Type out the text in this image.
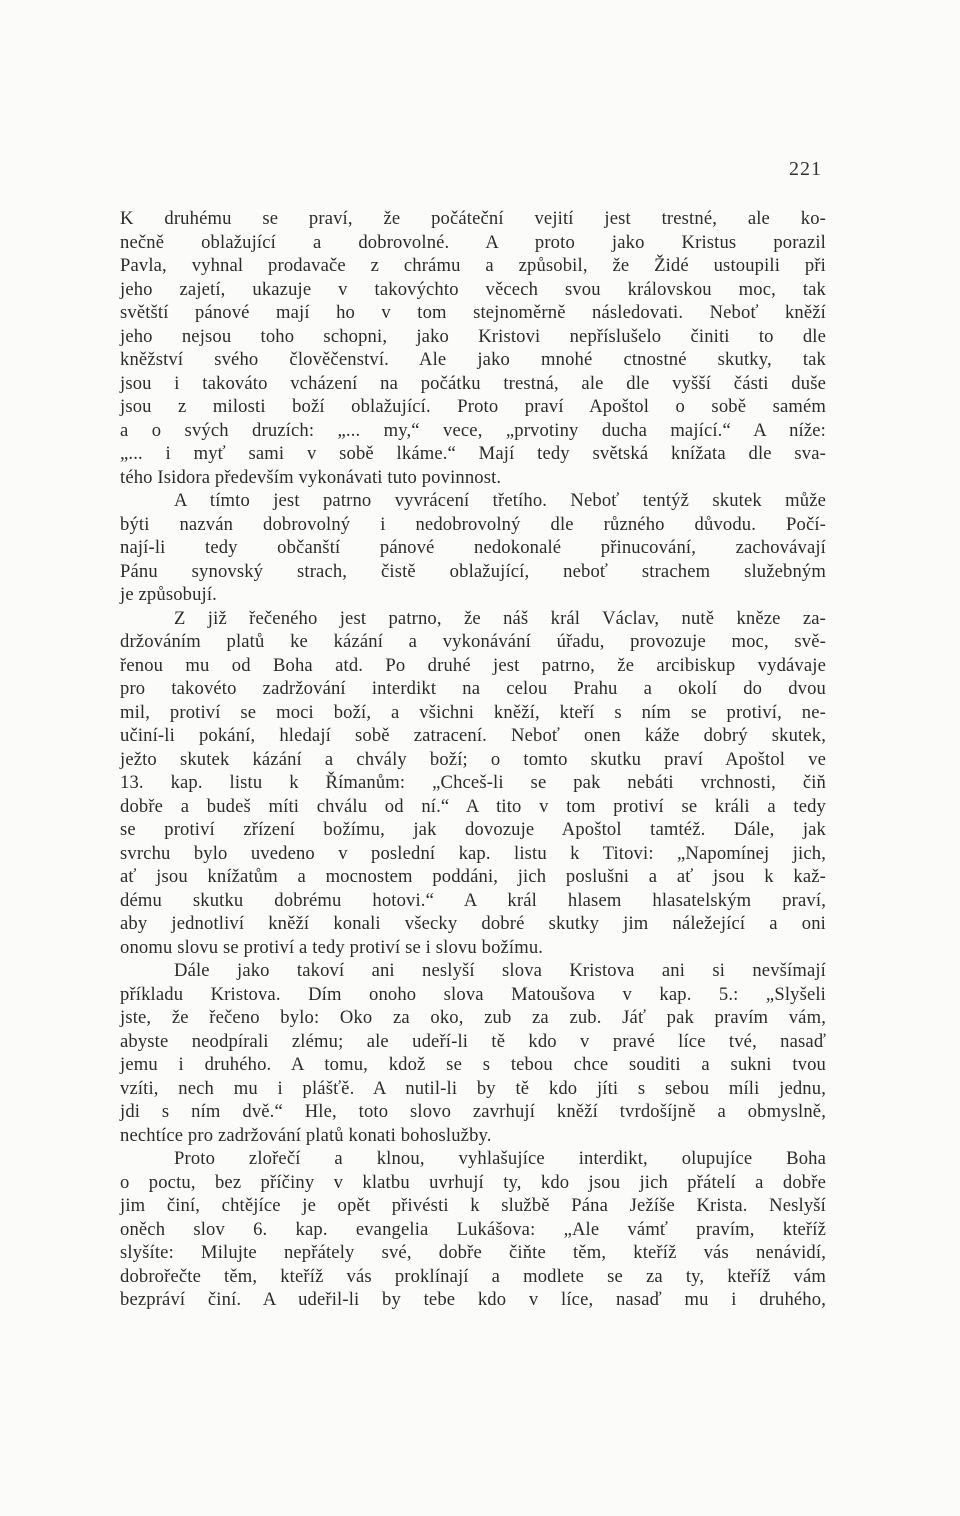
221
K druhému se praví, že počáteční vejití jest trestné, ale ko-
nečně oblažující a dobrovolné. A proto jako Kristus porazil
Pavla, vyhnal prodavače z chrámu a způsobil, že Židé ustoupili při
jeho zajetí, ukazuje v takovýchto věcech svou královskou moc, tak
světští pánové mají ho v tom stejnoměrně následovati. Neboť kněží
jeho nejsou toho schopni, jako Kristovi nepříslušelo činiti to dle
kněžství svého člověčenství. Ale jako mnohé ctnostné skutky, tak
jsou i takováto vcházení na počátku trestná, ale dle vyšší části duše
jsou z milosti boží oblažující. Proto praví Apoštol o sobě samém
a o svých druzích: „... my,“ vece, „prvotiny ducha mající.“ A níže:
„... i myť sami v sobě lkáme.“ Mají tedy světská knížata dle sva-
tého Isidora především vykonávati tuto povinnost.
A tímto jest patrno vyvrácení třetího. Neboť tentýž skutek může
býti nazván dobrovolný i nedobrovolný dle různého důvodu. Počí-
nají-li tedy občanští pánové nedokonalé přinucování, zachovávají
Pánu synovský strach, čistě oblažující, neboť strachem služebným
je způsobují.
Z již řečeného jest patrno, že náš král Václav, nutě kněze za-
držováním platů ke kázání a vykonávání úřadu, provozuje moc, svě-
řenou mu od Boha atd. Po druhé jest patrno, že arcibiskup vydávaje
pro takovéto zadržování interdikt na celou Prahu a okolí do dvou
mil, protiví se moci boží, a všichni kněží, kteří s ním se protiví, ne-
učiní-li pokání, hledají sobě zatracení. Neboť onen káže dobrý skutek,
ježto skutek kázání a chvály boží; o tomto skutku praví Apoštol ve
13. kap. listu k Římanům: „Chceš-li se pak nebáti vrchnosti, čiň
dobře a budeš míti chválu od ní.“ A tito v tom protiví se králi a tedy
se protiví zřízení božímu, jak dovozuje Apoštol tamtéž. Dále, jak
svrchu bylo uvedeno v poslední kap. listu k Titovi: „Napomínej jich,
ať jsou knížatům a mocnostem poddáni, jich poslušni a ať jsou k kaž-
dému skutku dobrému hotovi.“ A král hlasem hlasatelským praví,
aby jednotliví kněží konali všecky dobré skutky jim náležející a oni
onomu slovu se protiví a tedy protiví se i slovu božímu.
Dále jako takoví ani neslyší slova Kristova ani si nevšímají
příkladu Kristova. Dím onoho slova Matoušova v kap. 5.: „Slyšeli
jste, že řečeno bylo: Oko za oko, zub za zub. Jáť pak pravím vám,
abyste neodpírali zlému; ale udeří-li tě kdo v pravé líce tvé, nasaď
jemu i druhého. A tomu, kdož se s tebou chce souditi a sukni tvou
vzíti, nech mu i plášťě. A nutil-li by tě kdo jíti s sebou míli jednu,
jdi s ním dvě.“ Hle, toto slovo zavrhují kněží tvrdošíjně a obmyslně,
nechtíce pro zadržování platů konati bohoslužby.
Proto zlořečí a klnou, vyhlašujíce interdikt, olupujíce Boha
o poctu, bez příčiny v klatbu uvrhují ty, kdo jsou jich přátelí a dobře
jim činí, chtějíce je opět přivésti k službě Pána Ježíše Krista. Neslyší
oněch slov 6. kap. evangelia Lukášova: „Ale vámť pravím, kteříž
slyšíte: Milujte nepřátely své, dobře čiňte těm, kteříž vás nenávidí,
dobrořečte těm, kteříž vás proklínají a modlete se za ty, kteříž vám
bezpráví činí. A udeřil-li by tebe kdo v líce, nasaď mu i druhého,
